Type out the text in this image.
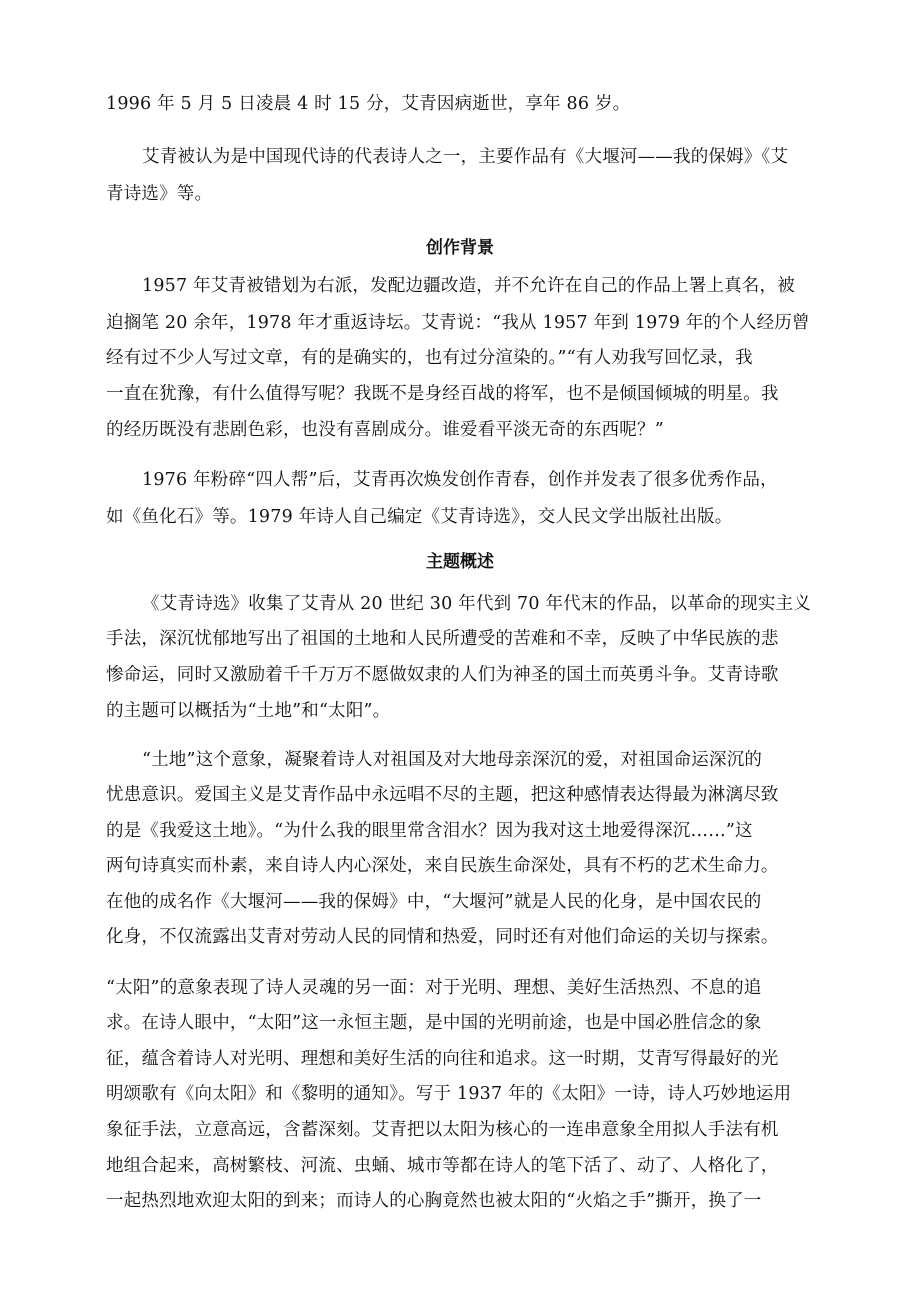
1996 年 5 月 5 日凌晨 4 时 15 分，艾青因病逝世，享年 86 岁。
艾青被认为是中国现代诗的代表诗人之一，主要作品有《大堰河——我的保姆》《艾
青诗选》等。
创作背景
1957 年艾青被错划为右派，发配边疆改造，并不允许在自己的作品上署上真名，被
迫搁笔 20 余年，1978 年才重返诗坛。艾青说：“我从 1957 年到 1979 年的个人经历曾
经有过不少人写过文章，有的是确实的，也有过分渲染的。”“有人劝我写回忆录，我
一直在犹豫，有什么值得写呢？我既不是身经百战的将军，也不是倾国倾城的明星。我
的经历既没有悲剧色彩，也没有喜剧成分。谁爱看平淡无奇的东西呢？”
1976 年粉碎“四人帮”后，艾青再次焕发创作青春，创作并发表了很多优秀作品，
如《鱼化石》等。1979 年诗人自己编定《艾青诗选》，交人民文学出版社出版。
主题概述
《艾青诗选》收集了艾青从 20 世纪 30 年代到 70 年代末的作品，以革命的现实主义
手法，深沉忧郁地写出了祖国的土地和人民所遭受的苦难和不幸，反映了中华民族的悲
惨命运，同时又激励着千千万万不愿做奴隶的人们为神圣的国土而英勇斗争。艾青诗歌
的主题可以概括为“土地”和“太阳”。
“土地”这个意象，凝聚着诗人对祖国及对大地母亲深沉的爱，对祖国命运深沉的
忧患意识。爱国主义是艾青作品中永远唱不尽的主题，把这种感情表达得最为淋漓尽致
的是《我爱这土地》。“为什么我的眼里常含泪水？因为我对这土地爱得深沉……”这
两句诗真实而朴素，来自诗人内心深处，来自民族生命深处，具有不朽的艺术生命力。
在他的成名作《大堰河——我的保姆》中，“大堰河”就是人民的化身，是中国农民的
化身，不仅流露出艾青对劳动人民的同情和热爱，同时还有对他们命运的关切与探索。
“太阳”的意象表现了诗人灵魂的另一面：对于光明、理想、美好生活热烈、不息的追
求。在诗人眼中，“太阳”这一永恒主题，是中国的光明前途，也是中国必胜信念的象
征，蕴含着诗人对光明、理想和美好生活的向往和追求。这一时期，艾青写得最好的光
明颂歌有《向太阳》和《黎明的通知》。写于 1937 年的《太阳》一诗，诗人巧妙地运用
象征手法，立意高远，含蓄深刻。艾青把以太阳为核心的一连串意象全用拟人手法有机
地组合起来，高树繁枝、河流、虫蛹、城市等都在诗人的笔下活了、动了、人格化了，
一起热烈地欢迎太阳的到来；而诗人的心胸竟然也被太阳的“火焰之手”撕开，换了一
